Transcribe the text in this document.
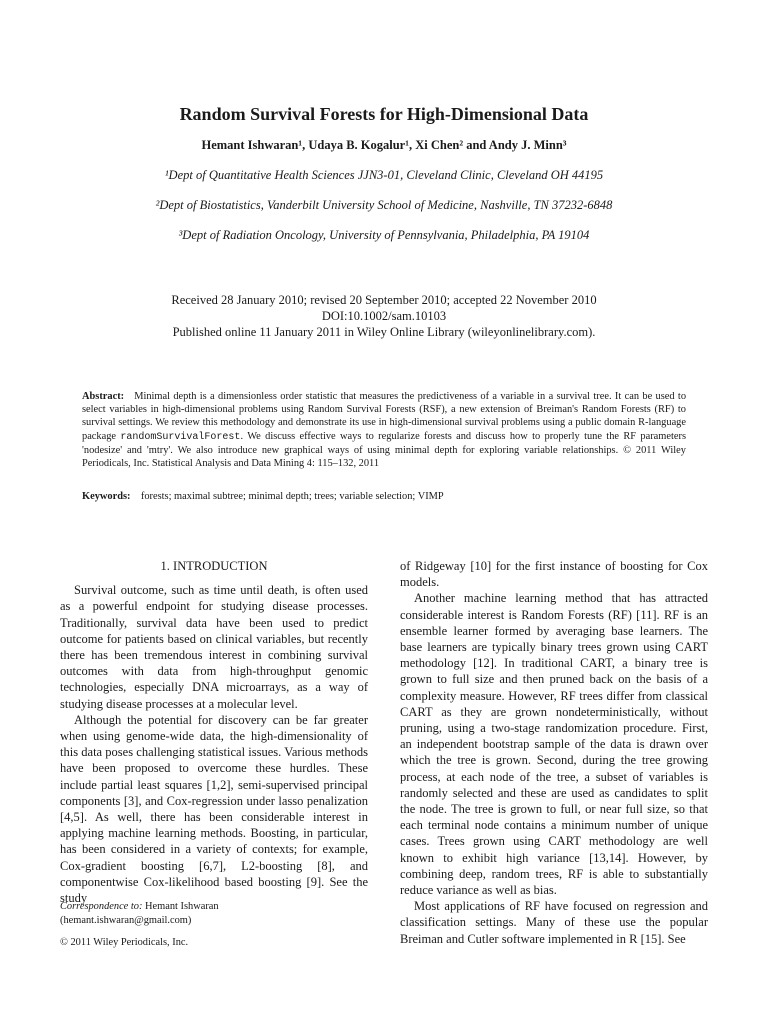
Random Survival Forests for High-Dimensional Data
Hemant Ishwaran¹, Udaya B. Kogalur¹, Xi Chen² and Andy J. Minn³
¹Dept of Quantitative Health Sciences JJN3-01, Cleveland Clinic, Cleveland OH 44195
²Dept of Biostatistics, Vanderbilt University School of Medicine, Nashville, TN 37232-6848
³Dept of Radiation Oncology, University of Pennsylvania, Philadelphia, PA 19104
Received 28 January 2010; revised 20 September 2010; accepted 22 November 2010
DOI:10.1002/sam.10103
Published online 11 January 2011 in Wiley Online Library (wileyonlinelibrary.com).
Abstract: Minimal depth is a dimensionless order statistic that measures the predictiveness of a variable in a survival tree. It can be used to select variables in high-dimensional problems using Random Survival Forests (RSF), a new extension of Breiman's Random Forests (RF) to survival settings. We review this methodology and demonstrate its use in high-dimensional survival problems using a public domain R-language package randomSurvivalForest. We discuss effective ways to regularize forests and discuss how to properly tune the RF parameters 'nodesize' and 'mtry'. We also introduce new graphical ways of using minimal depth for exploring variable relationships. © 2011 Wiley Periodicals, Inc. Statistical Analysis and Data Mining 4: 115–132, 2011
Keywords: forests; maximal subtree; minimal depth; trees; variable selection; VIMP
1. INTRODUCTION

Survival outcome, such as time until death, is often used as a powerful endpoint for studying disease processes. Traditionally, survival data have been used to predict outcome for patients based on clinical variables, but recently there has been tremendous interest in combining survival outcomes with data from high-throughput genomic technologies, especially DNA microarrays, as a way of studying disease processes at a molecular level.

Although the potential for discovery can be far greater when using genome-wide data, the high-dimensionality of this data poses challenging statistical issues. Various methods have been proposed to overcome these hurdles. These include partial least squares [1,2], semi-supervised principal components [3], and Cox-regression under lasso penalization [4,5]. As well, there has been considerable interest in applying machine learning methods. Boosting, in particular, has been considered in a variety of contexts; for example, Cox-gradient boosting [6,7], L2-boosting [8], and componentwise Cox-likelihood based boosting [9]. See the study

of Ridgeway [10] for the first instance of boosting for Cox models.

Another machine learning method that has attracted considerable interest is Random Forests (RF) [11]. RF is an ensemble learner formed by averaging base learners. The base learners are typically binary trees grown using CART methodology [12]. In traditional CART, a binary tree is grown to full size and then pruned back on the basis of a complexity measure. However, RF trees differ from classical CART as they are grown nondeterministically, without pruning, using a two-stage randomization procedure. First, an independent bootstrap sample of the data is drawn over which the tree is grown. Second, during the tree growing process, at each node of the tree, a subset of variables is randomly selected and these are used as candidates to split the node. The tree is grown to full, or near full size, so that each terminal node contains a minimum number of unique cases. Trees grown using CART methodology are well known to exhibit high variance [13,14]. However, by combining deep, random trees, RF is able to substantially reduce variance as well as bias.

Most applications of RF have focused on regression and classification settings. Many of these use the popular Breiman and Cutler software implemented in R [15]. See

Correspondence to: Hemant Ishwaran
(hemant.ishwaran@gmail.com)
© 2011 Wiley Periodicals, Inc.
